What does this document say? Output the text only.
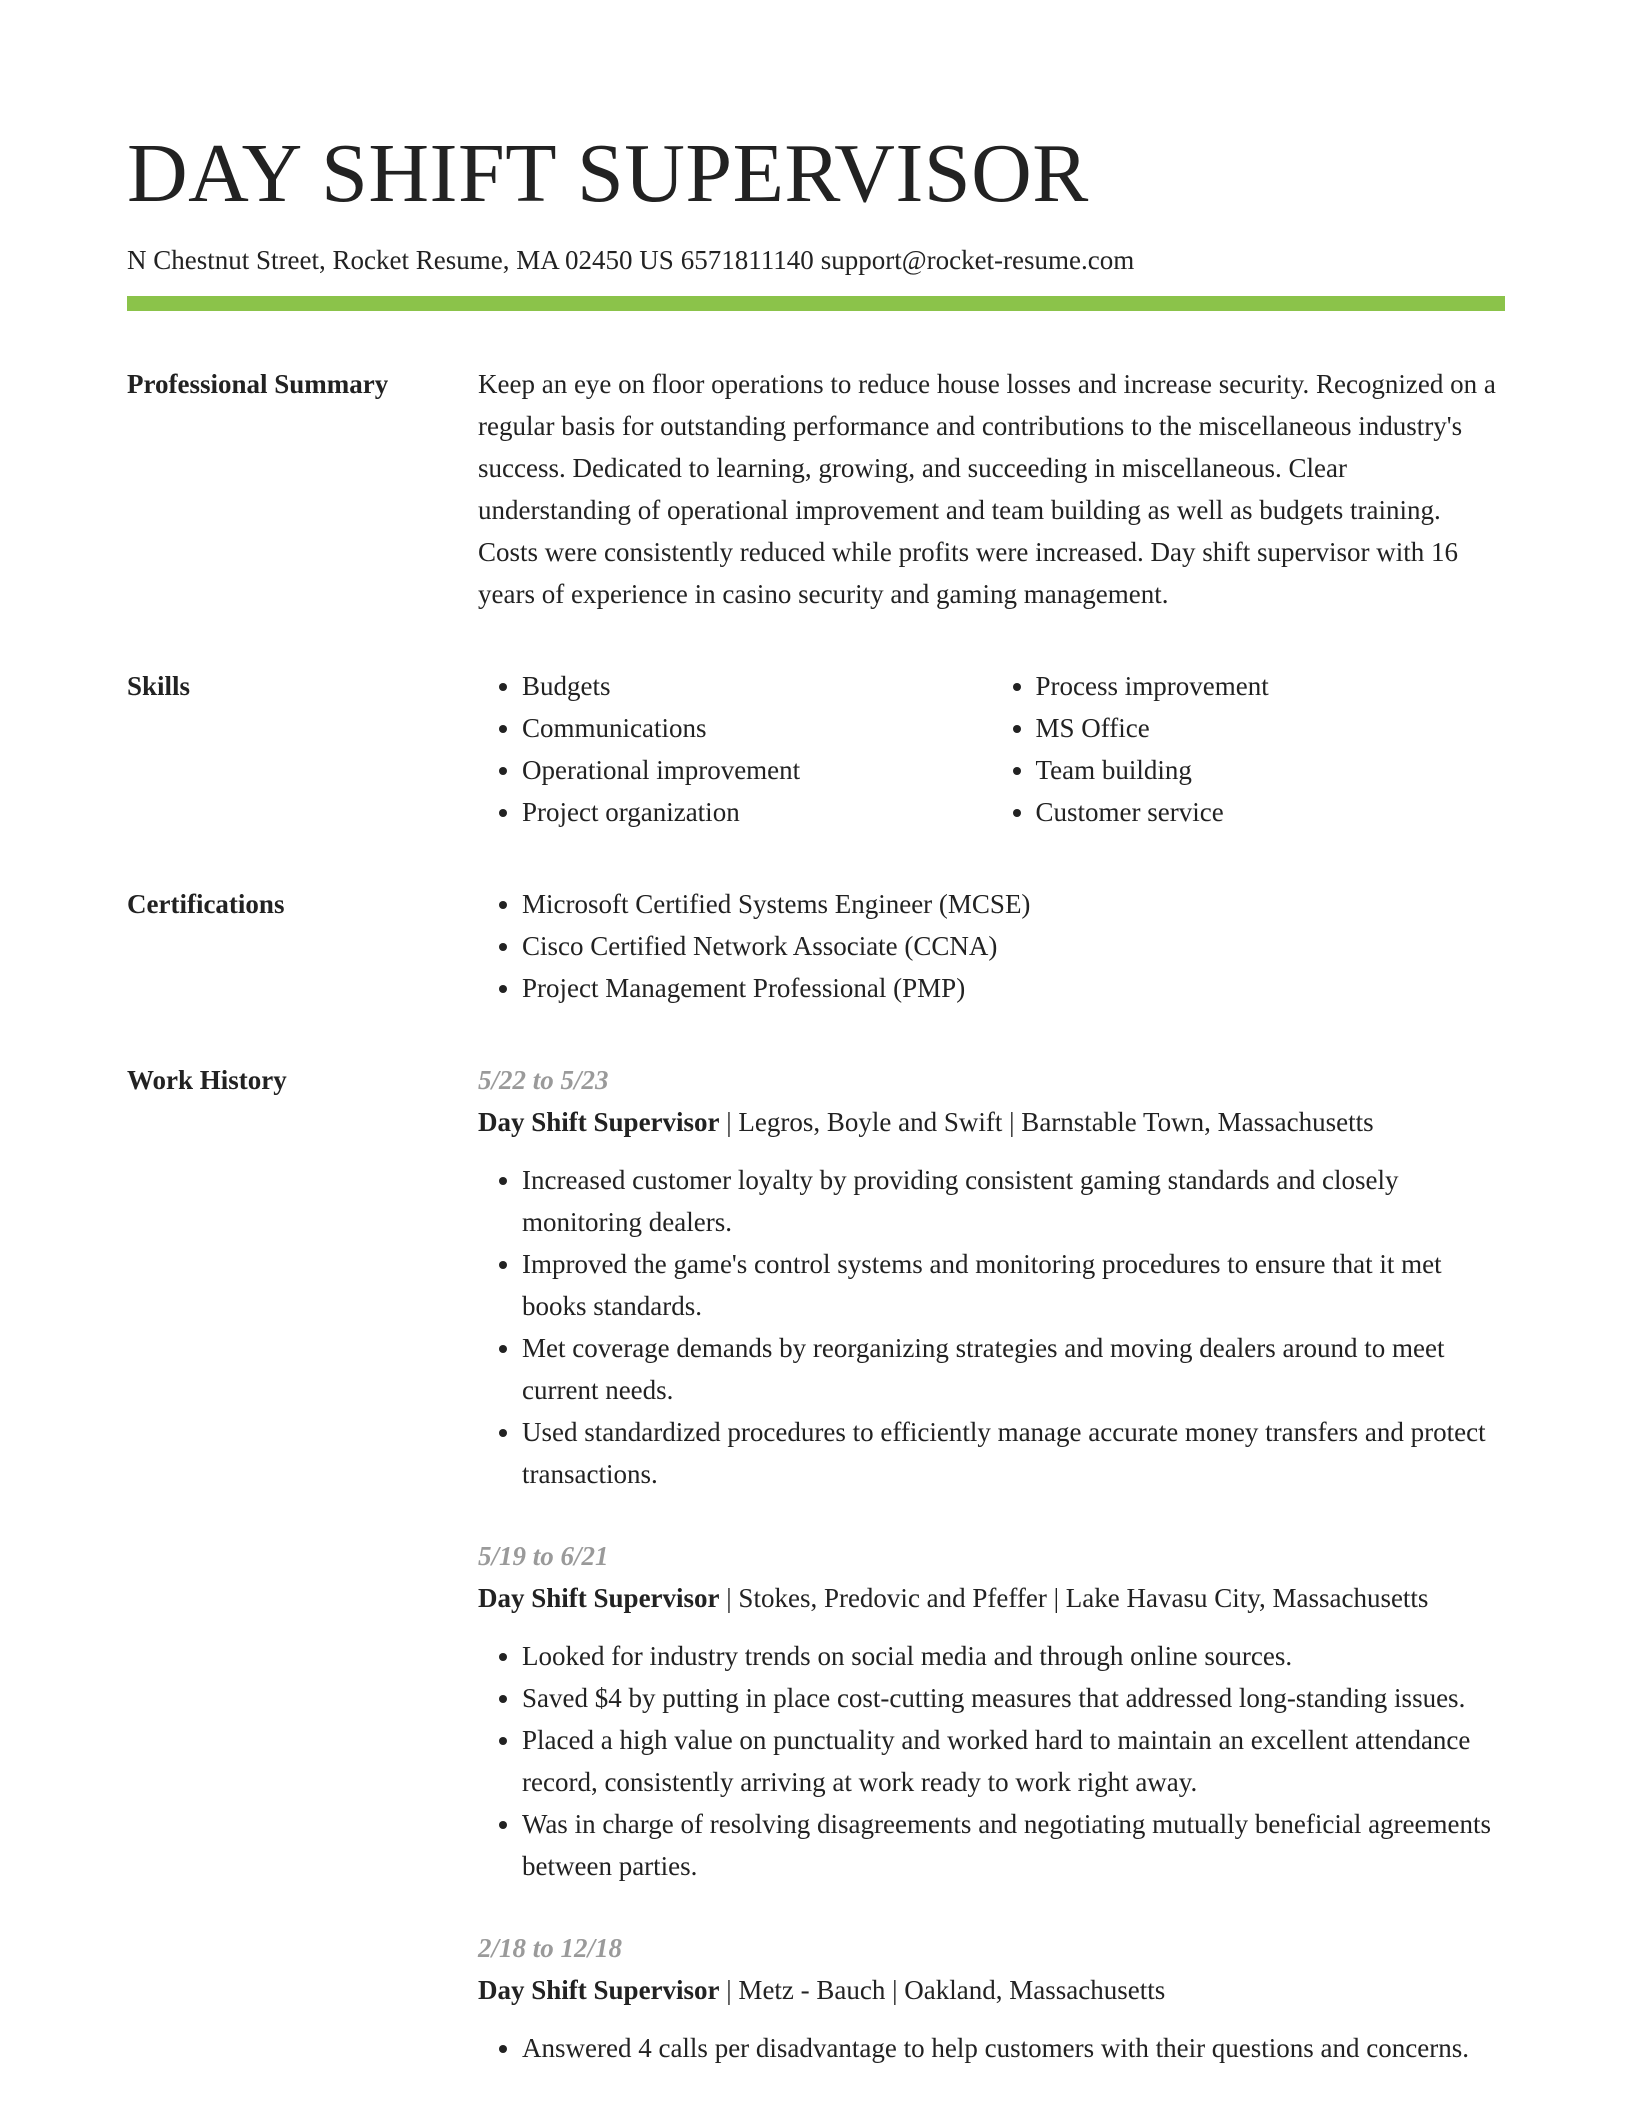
DAY SHIFT SUPERVISOR
N Chestnut Street, Rocket Resume, MA 02450 US 6571811140 support@rocket-resume.com
Professional Summary	Keep an eye on floor operations to reduce house losses and increase security. Recognized on a regular basis for outstanding performance and contributions to the miscellaneous industry's success. Dedicated to learning, growing, and succeeding in miscellaneous. Clear understanding of operational improvement and team building as well as budgets training. Costs were consistently reduced while profits were increased. Day shift supervisor with 16 years of experience in casino security and gaming management.

Skills	• Budgets
• Communications
• Operational improvement
• Project organization
• Process improvement
• MS Office
• Team building
• Customer service
Certifications	• Microsoft Certified Systems Engineer (MCSE)
• Cisco Certified Network Associate (CCNA)
• Project Management Professional (PMP)
Work History	5/22 to 5/23
Day Shift Supervisor | Legros, Boyle and Swift | Barnstable Town, Massachusetts
• Increased customer loyalty by providing consistent gaming standards and closely monitoring dealers.
• Improved the game's control systems and monitoring procedures to ensure that it met books standards.
• Met coverage demands by reorganizing strategies and moving dealers around to meet current needs.
• Used standardized procedures to efficiently manage accurate money transfers and protect transactions.
5/19 to 6/21
Day Shift Supervisor | Stokes, Predovic and Pfeffer | Lake Havasu City, Massachusetts
• Looked for industry trends on social media and through online sources.
• Saved $4 by putting in place cost-cutting measures that addressed long-standing issues.
• Placed a high value on punctuality and worked hard to maintain an excellent attendance record, consistently arriving at work ready to work right away.
• Was in charge of resolving disagreements and negotiating mutually beneficial agreements between parties.
2/18 to 12/18
Day Shift Supervisor | Metz - Bauch | Oakland, Massachusetts
• Answered 4 calls per disadvantage to help customers with their questions and concerns.
